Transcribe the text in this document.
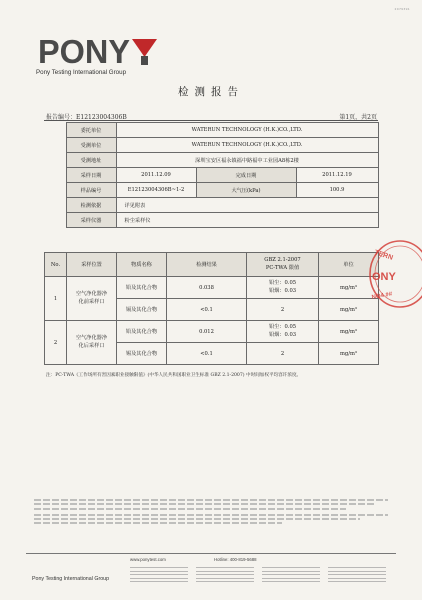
2079391
PONY
Pony Testing International Group
检测报告
报告编号：E12123004306B	第1页，共2页
	委托单位	WATERUN TECHNOLOGY (H.K.)CO.,LTD.		
	受测单位	WATERUN TECHNOLOGY (H.K.)CO.,LTD.		
	受测地址	深圳宝安区福永镇福中路福中工业园A8栋2楼		
	采样日期	2011.12.09	完成日期	2011.12.19
	样品编号	E12123004306B~1-2	大气压(kPa)	100.9
	检测依据	详见附表		
	采样仪器	粉尘采样仪		
No.	采样位置	物质名称	检测结果	GBZ 2.1-2007
PC-TWA 限值	单位
1	空气净化器净
化前采样口	铅及其化合物	0.038	铅尘：0.05
铅烟：0.03	mg/m³
		镉及其化合物	<0.1	2	mg/m³
2	空气净化器净
化后采样口	铅及其化合物	0.012	铅尘：0.05
铅烟：0.03	mg/m³
		锡及其化合物	<0.1	2	mg/m³
注：PC-TWA《工作场所有害因素职业接触限值》(中华人民共和国职业卫生标准 GBZ 2.1-2007) 中时间加权平均容许浓度。
TERN
ONY
NO4 ##
Pony Testing International Group
www.ponytest.com	Hotline: 400-819-5688
